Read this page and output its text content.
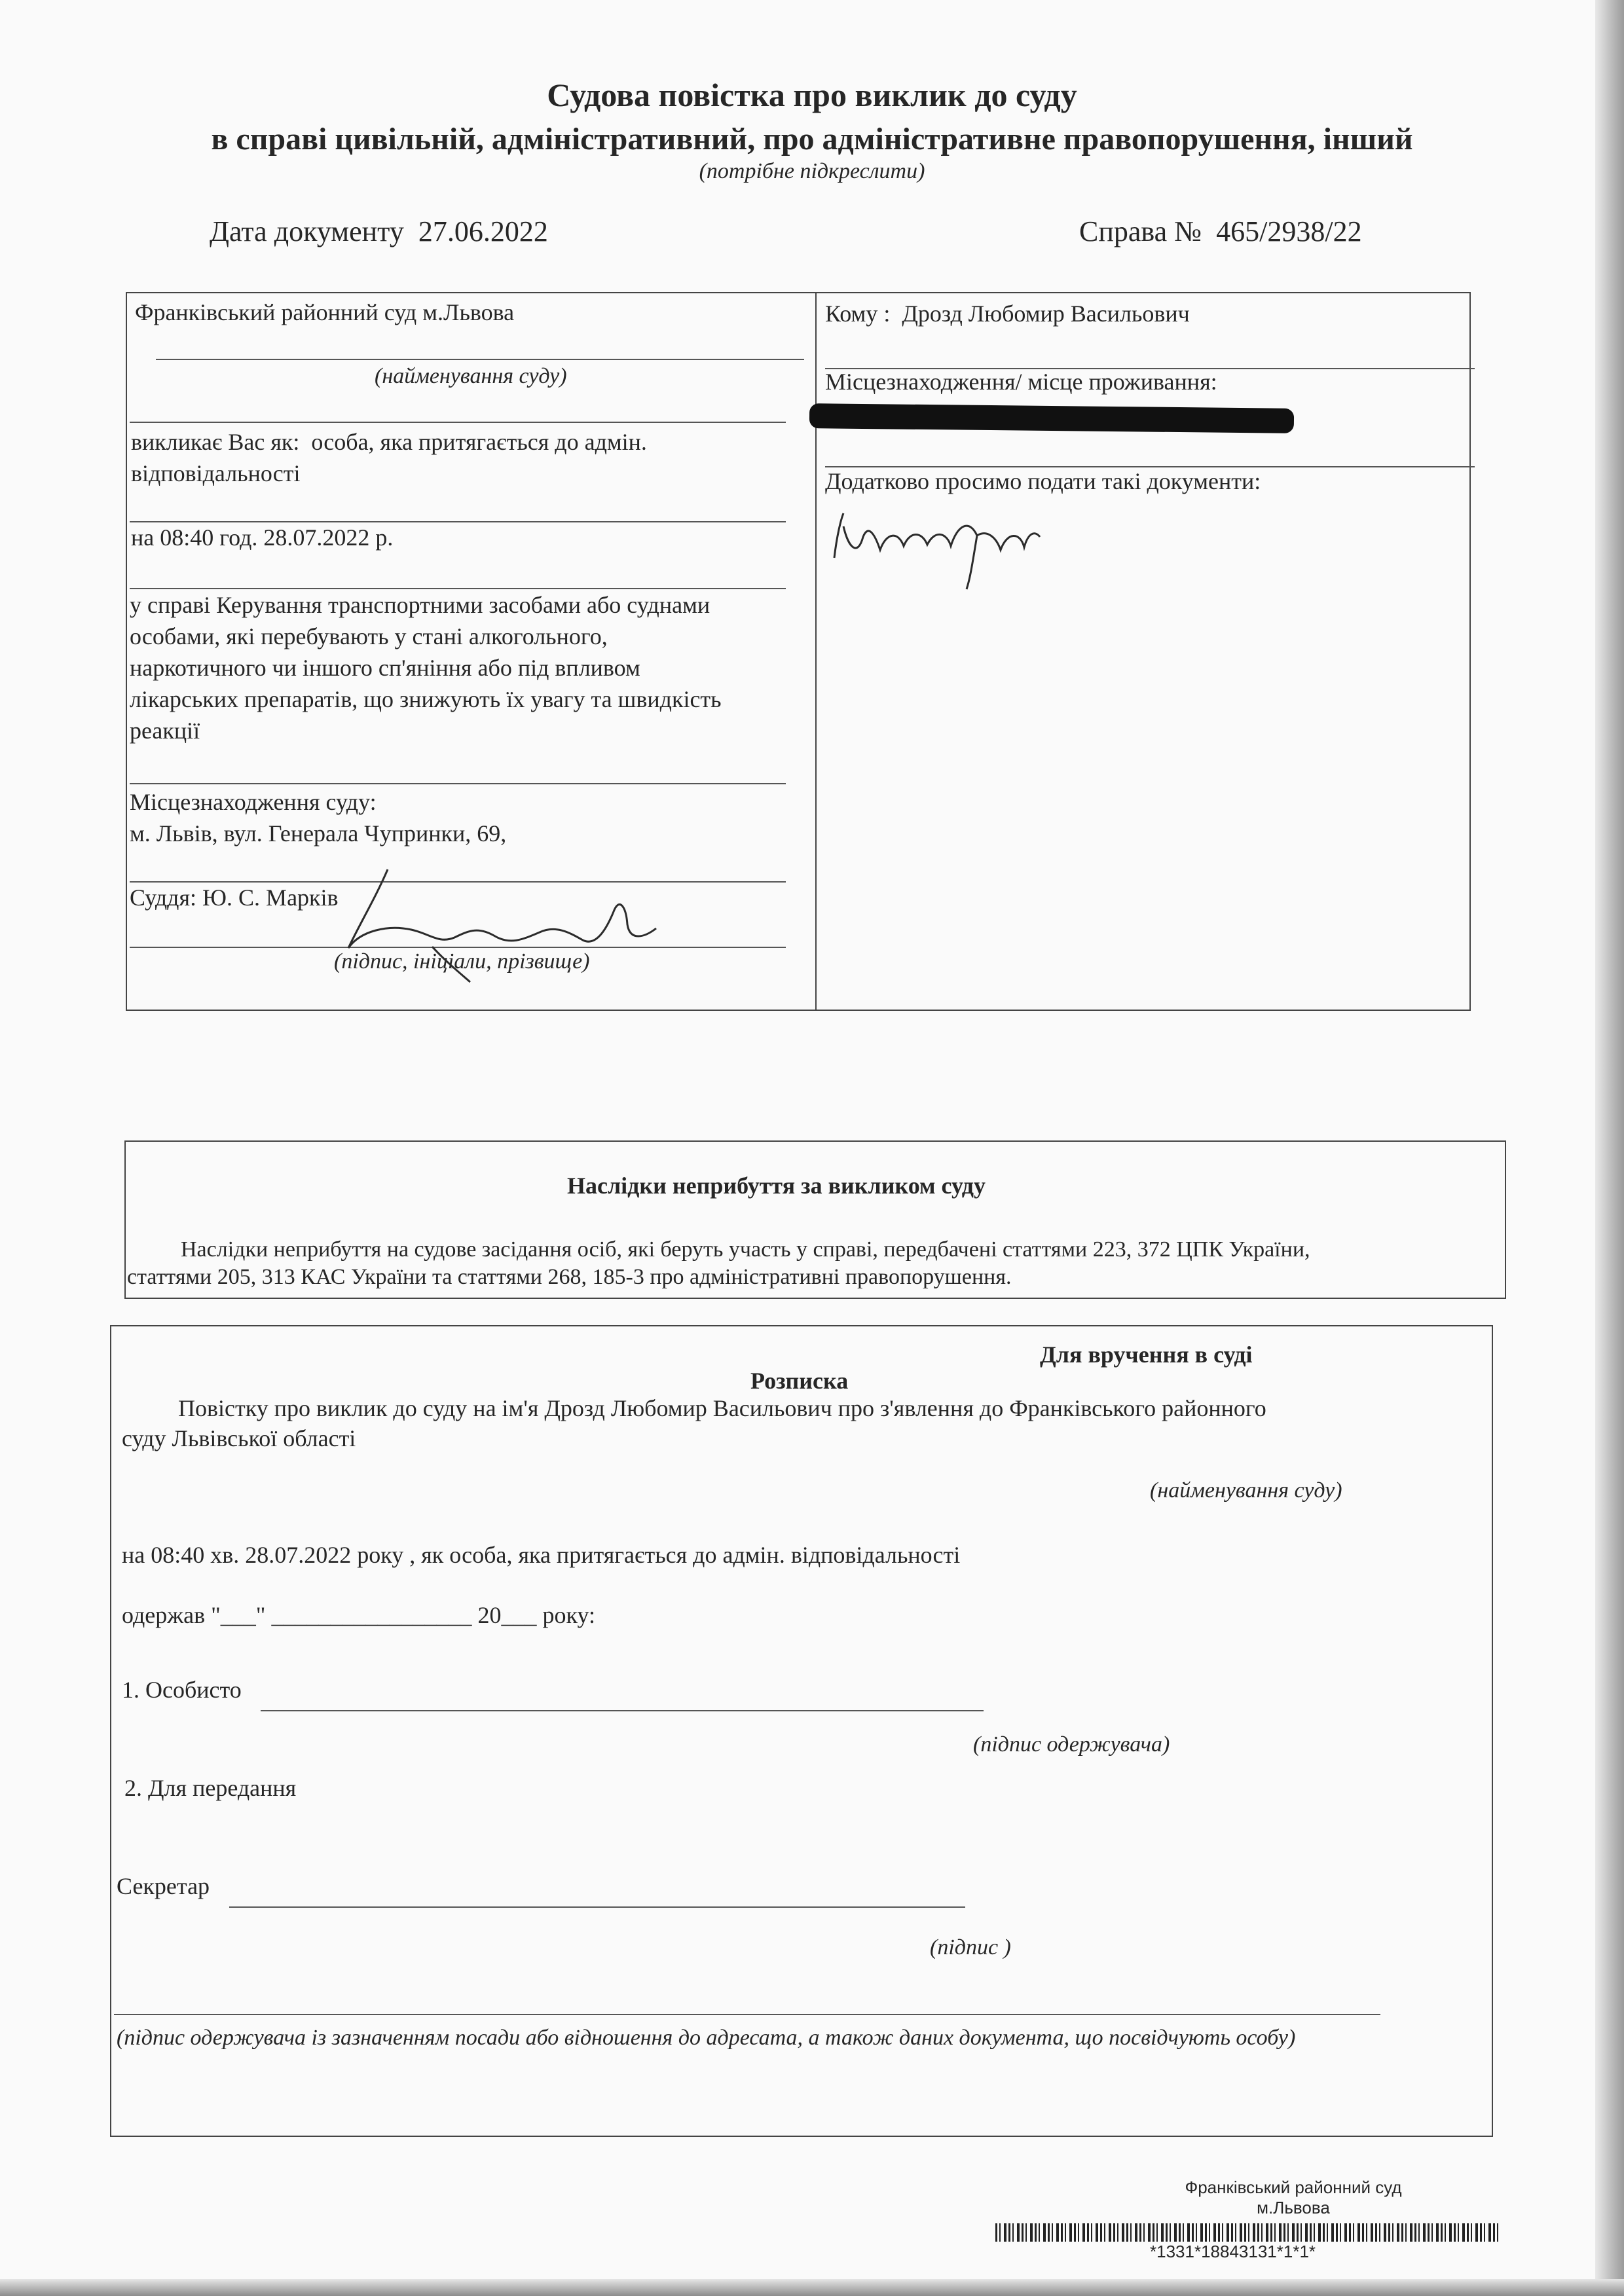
Судова повістка про виклик до суду
в справі цивільній, адміністративний, про адміністративне правопорушення, інший
(потрібне підкреслити)
Дата документу 27.06.2022	Справа № 465/2938/22
Франківський районний суд м.Львова
(найменування суду)
викликає Вас як: особа, яка притягається до адмін.
відповідальності
на 08:40 год. 28.07.2022 р.
у справі Керування транспортними засобами або суднами
особами, які перебувають у стані алкогольного,
наркотичного чи іншого сп'яніння або під впливом
лікарських препаратів, що знижують їх увагу та швидкість
реакції
Місцезнаходження суду:
м. Львів, вул. Генерала Чупринки, 69,
Суддя: Ю. С. Марків
(підпис, ініціали, прізвище)
Кому : Дрозд Любомир Васильович
Місцезнаходження/ місце проживання:
Додатково просимо подати такі документи:
Наслідки неприбуття за викликом суду
Наслідки неприбуття на судове засідання осіб, які беруть участь у справі, передбачені статтями 223, 372 ЦПК України,
статтями 205, 313 КАС України та статтями 268, 185-3 про адміністративні правопорушення.
Для вручення в суді
Розписка
Повістку про виклик до суду на ім'я Дрозд Любомир Васильович про з'явлення до Франківського районного
суду Львівської області
(найменування суду)
на 08:40 хв. 28.07.2022 року , як особа, яка притягається до адмін. відповідальності
одержав "___" _________________ 20___ року:
1. Особисто
(підпис одержувача)
2. Для передання
Секретар
(підпис )
(підпис одержувача із зазначенням посади або відношення до адресата, а також даних документа, що посвідчують особу)
Франківський районний суд
м.Львова
*1331*18843131*1*1*
